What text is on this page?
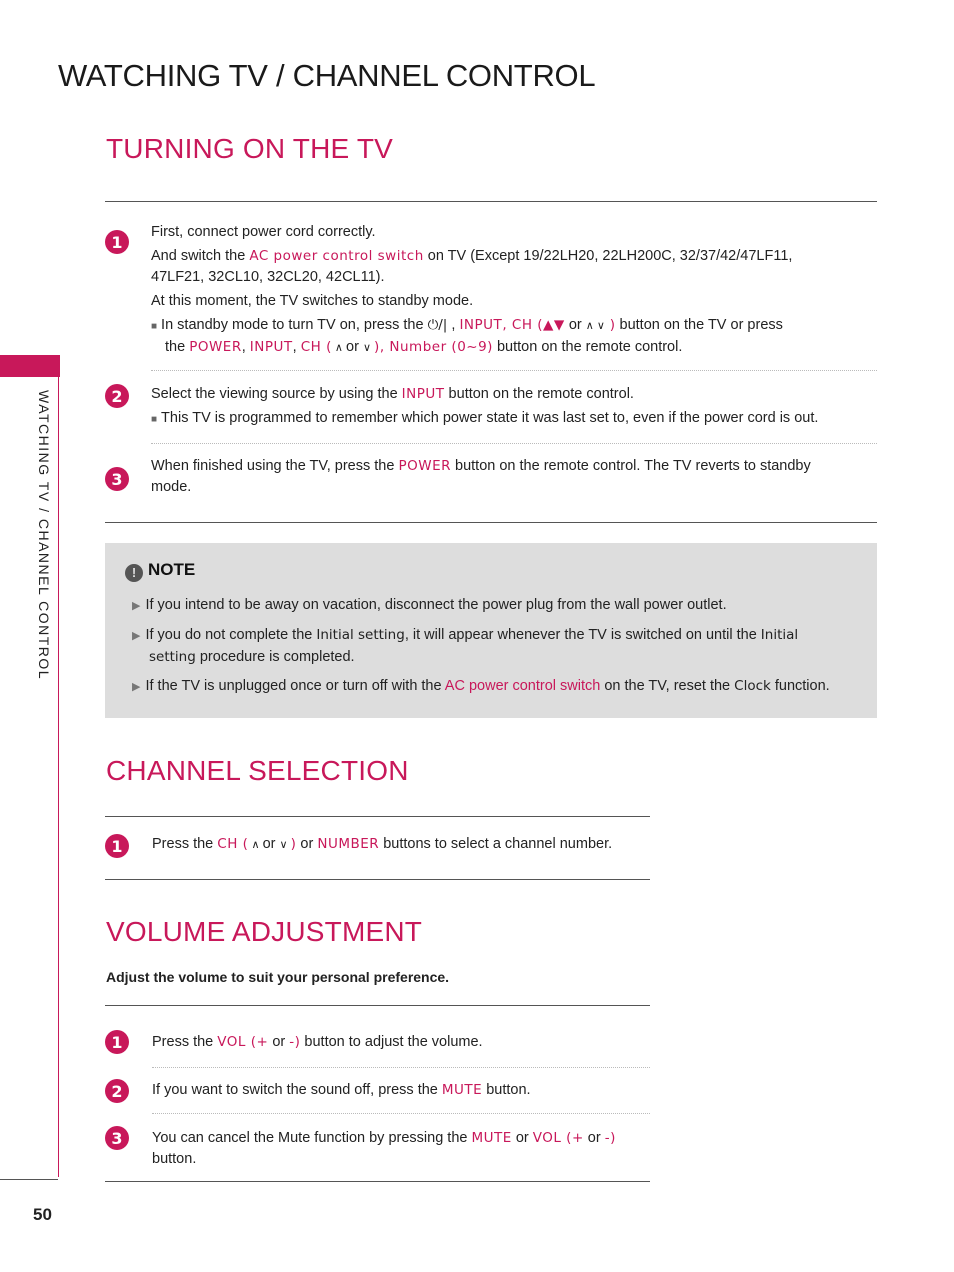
WATCHING TV / CHANNEL CONTROL
WATCHING TV / CHANNEL CONTROL
50
TURNING ON THE TV
1
First, connect power cord correctly.
And switch the AC power control switch on TV (Except 19/22LH20, 22LH200C, 32/37/42/47LF11,
47LF21, 32CL10, 32CL20, 42CL11).
At this moment, the TV switches to standby mode.
■ In standby mode to turn TV on, press the ⏻/| , INPUT, CH (▲▼ or ∧ ∨ ) button on the TV or press
the POWER, INPUT, CH ( ∧ or ∨ ), Number (0~9) button on the remote control.
2	Select the viewing source by using the INPUT button on the remote control.
■ This TV is programmed to remember which power state it was last set to, even if the power cord is out.
3
When finished using the TV, press the POWER button on the remote control. The TV reverts to standby
mode.
! NOTE
▶ If you intend to be away on vacation, disconnect the power plug from the wall power outlet.
▶ If you do not complete the Initial setting, it will appear whenever the TV is switched on until the Initial
setting procedure is completed.
▶ If the TV is unplugged once or turn off with the AC power control switch on the TV, reset the Clock function.
CHANNEL SELECTION
1	Press the CH ( ∧ or ∨ ) or NUMBER buttons to select a channel number.
VOLUME ADJUSTMENT
Adjust the volume to suit your personal preference.
1	Press the VOL (+ or -) button to adjust the volume.
2	If you want to switch the sound off, press the MUTE button.
3	You can cancel the Mute function by pressing the MUTE or VOL (+ or -)
button.
